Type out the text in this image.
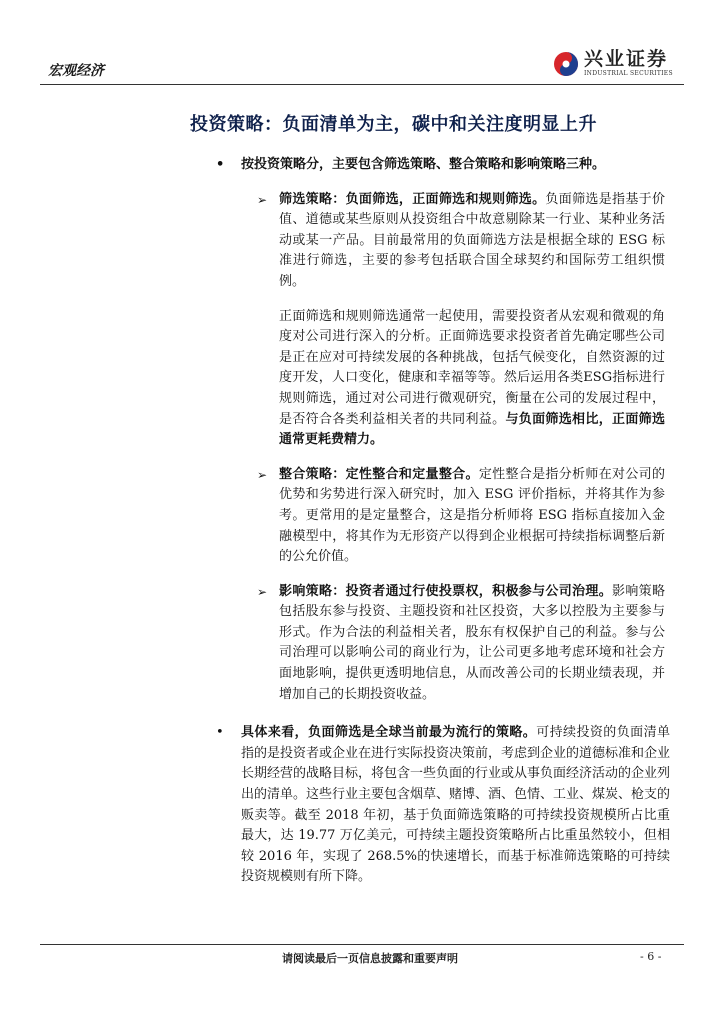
宏观经济
兴业证券
INDUSTRIAL SECURITIES
投资策略：负面清单为主，碳中和关注度明显上升
• 按投资策略分，主要包含筛选策略、整合策略和影响策略三种。
➢ 筛选策略：负面筛选，正面筛选和规则筛选。负面筛选是指基于价值、道德或某些原则从投资组合中故意剔除某一行业、某种业务活动或某一产品。目前最常用的负面筛选方法是根据全球的 ESG 标准进行筛选，主要的参考包括联合国全球契约和国际劳工组织惯例。
正面筛选和规则筛选通常一起使用，需要投资者从宏观和微观的角度对公司进行深入的分析。正面筛选要求投资者首先确定哪些公司是正在应对可持续发展的各种挑战，包括气候变化，自然资源的过度开发，人口变化，健康和幸福等等。然后运用各类ESG指标进行规则筛选，通过对公司进行微观研究，衡量在公司的发展过程中，是否符合各类利益相关者的共同利益。与负面筛选相比，正面筛选通常更耗费精力。
➢ 整合策略：定性整合和定量整合。定性整合是指分析师在对公司的优势和劣势进行深入研究时，加入 ESG 评价指标，并将其作为参考。更常用的是定量整合，这是指分析师将 ESG 指标直接加入金融模型中，将其作为无形资产以得到企业根据可持续指标调整后新的公允价值。
➢ 影响策略：投资者通过行使投票权，积极参与公司治理。影响策略包括股东参与投资、主题投资和社区投资，大多以控股为主要参与形式。作为合法的利益相关者，股东有权保护自己的利益。参与公司治理可以影响公司的商业行为，让公司更多地考虑环境和社会方面地影响，提供更透明地信息，从而改善公司的长期业绩表现，并增加自己的长期投资收益。
• 具体来看，负面筛选是全球当前最为流行的策略。可持续投资的负面清单指的是投资者或企业在进行实际投资决策前，考虑到企业的道德标准和企业长期经营的战略目标，将包含一些负面的行业或从事负面经济活动的企业列出的清单。这些行业主要包含烟草、赌博、酒、色情、工业、煤炭、枪支的贩卖等。截至 2018 年初，基于负面筛选策略的可持续投资规模所占比重最大，达 19.77 万亿美元，可持续主题投资策略所占比重虽然较小，但相较 2016 年，实现了 268.5%的快速增长，而基于标准筛选策略的可持续投资规模则有所下降。
请阅读最后一页信息披露和重要声明	- 6 -
